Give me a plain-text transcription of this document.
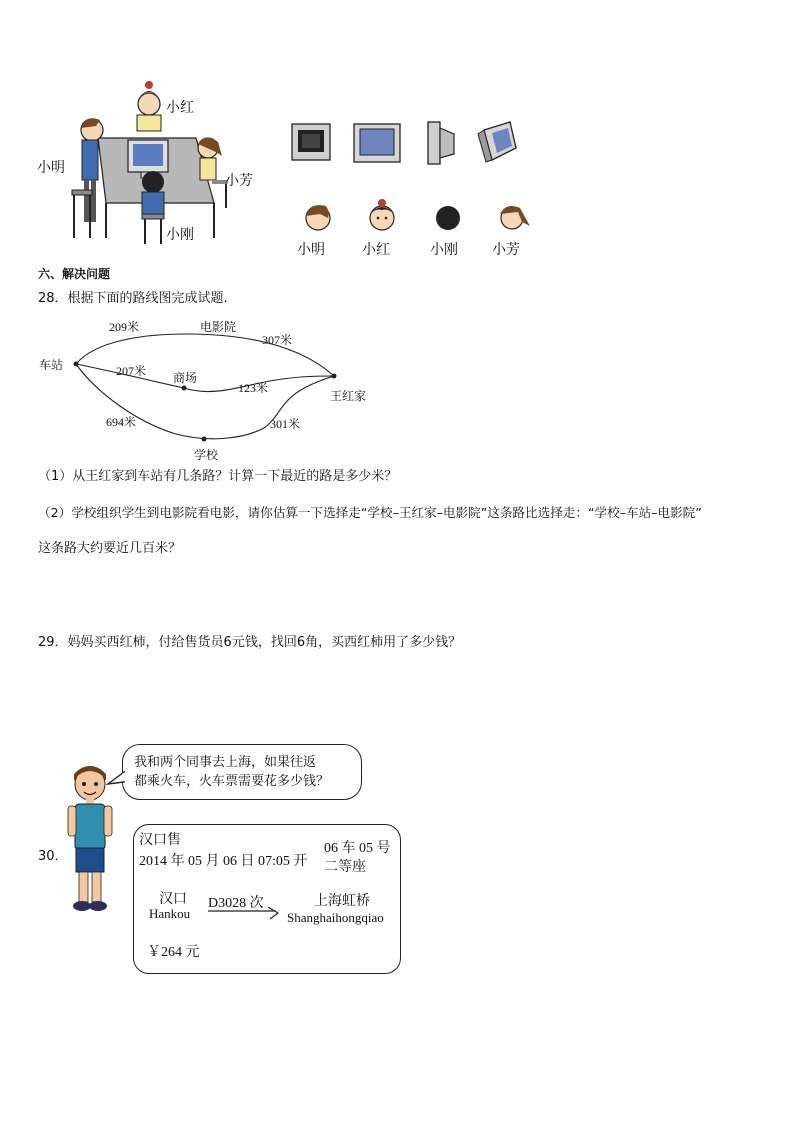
小红
小明
小芳
小刚
小明	小红	小刚 小芳
六、解决问题
28．根据下面的路线图完成试题.
车站
电影院
商场
王红家
学校
209米
307米
207米
123米
694米	301米
（1）从王红家到车站有几条路？计算一下最近的路是多少米？
（2）学校组织学生到电影院看电影，请你估算一下选择走“学校–王红家–电影院”这条路比选择走：“学校–车站–电影院”
这条路大约要近几百米？
29．妈妈买西红柿，付给售货员6元钱，找回6角，买西红柿用了多少钱？
30．
我和两个同事去上海，如果往返
都乘火车，火车票需要花多少钱？
汉口售
2014 年 05 月 06 日 07:05 开
06 车 05 号
二等座
汉口
Hankou
D3028 次	上海虹桥
Shanghaihongqiao
￥264 元
